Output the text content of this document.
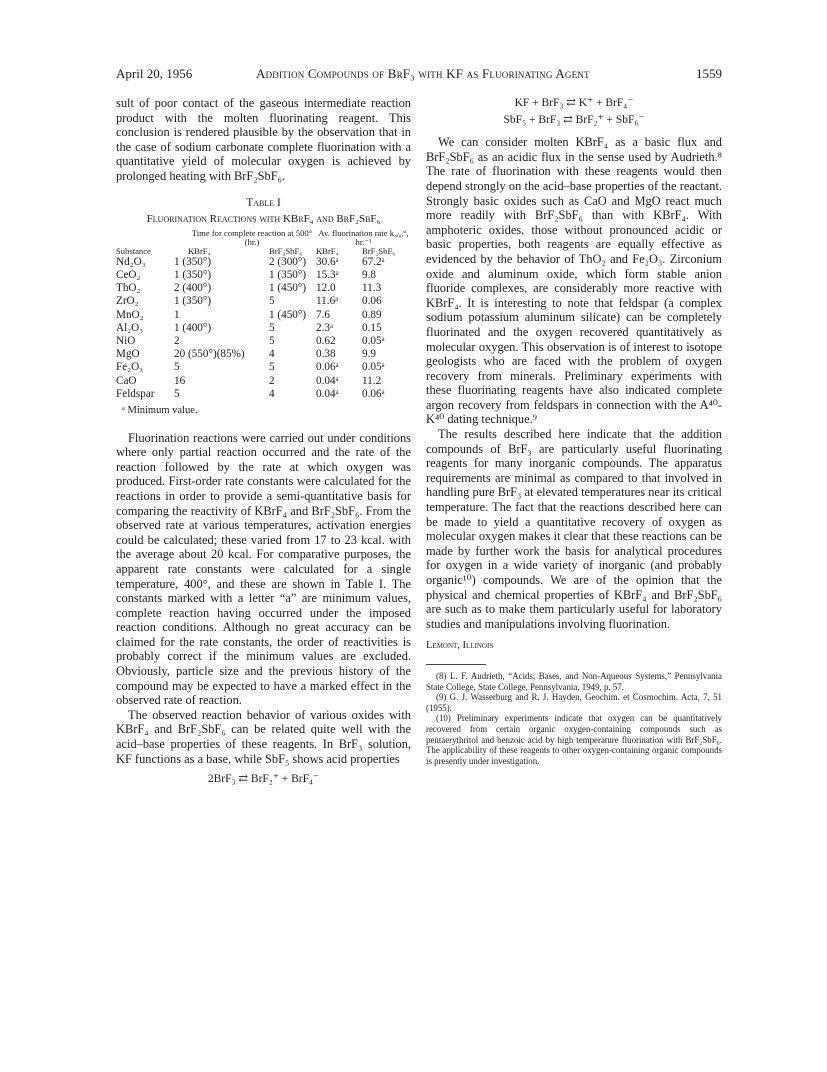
April 20, 1956	Addition Compounds of BrF₃ with KF as Fluorinating Agent	1559

sult of poor contact of the gaseous intermediate reaction product with the molten fluorinating reagent. This conclusion is rendered plausible by the observation that in the case of sodium carbonate complete fluorination with a quantitative yield of molecular oxygen is achieved by prolonged heating with BrF₂SbF₆.

Table I
Fluorination Reactions with KBrF₄ and BrF₂SbF₆
	Time for complete reaction at 500° (hr.)		Av. fluorination rate k₄₀₀°, hr.⁻¹	
Substance	KBrF₄	BrF₂SbF₆	KBrF₄	BrF₂SbF₆
Nd₂O₃	1 (350°)	2 (300°)	30.6ᵃ	67.2ᵃ
CeO₂	1 (350°)	1 (350°)	15.3ᵃ	9.8
ThO₂	2 (400°)	1 (450°)	12.0	11.3
ZrO₂	1 (350°)	5	11.6ᵃ	0.06
MnO₂	1	1 (450°)	7.6	0.89
Al₂O₃	1 (400°)	5	2.3ᵃ	0.15
NiO	2	5	0.62	0.05ᵃ
MgO	20 (550°)(85%)	4	0.38	9.9
Fe₂O₃	5	5	0.06ᵃ	0.05ᵃ
CaO	16	2	0.04ᵃ	11.2
Feldspar	5	4	0.04ᵃ	0.06ᵃ
ᵃ Minimum value.

Fluorination reactions were carried out under conditions where only partial reaction occurred and the rate of the reaction followed by the rate at which oxygen was produced. First-order rate constants were calculated for the reactions in order to provide a semi-quantitative basis for comparing the reactivity of KBrF₄ and BrF₂SbF₆. From the observed rate at various temperatures, activation energies could be calculated; these varied from 17 to 23 kcal. with the average about 20 kcal. For comparative purposes, the apparent rate constants were calculated for a single temperature, 400°, and these are shown in Table I. The constants marked with a letter “a” are minimum values, complete reaction having occurred under the imposed reaction conditions. Although no great accuracy can be claimed for the rate constants, the order of reactivities is probably correct if the minimum values are excluded. Obviously, particle size and the previous history of the compound may be expected to have a marked effect in the observed rate of reaction.

The observed reaction behavior of various oxides with KBrF₄ and BrF₂SbF₆ can be related quite well with the acid–base properties of these reagents. In BrF₃ solution, KF functions as a base, while SbF₅ shows acid properties

2BrF₃ ⇄ BrF₂⁺ + BrF₄⁻
KF + BrF₃ ⇄ K⁺ + BrF₄⁻
SbF₅ + BrF₃ ⇄ BrF₂⁺ + SbF₆⁻

We can consider molten KBrF₄ as a basic flux and BrF₂SbF₆ as an acidic flux in the sense used by Audrieth.⁸ The rate of fluorination with these reagents would then depend strongly on the acid–base properties of the reactant. Strongly basic oxides such as CaO and MgO react much more readily with BrF₂SbF₆ than with KBrF₄. With amphoteric oxides, those without pronounced acidic or basic properties, both reagents are equally effective as evidenced by the behavior of ThO₂ and Fe₂O₃. Zirconium oxide and aluminum oxide, which form stable anion fluoride complexes, are considerably more reactive with KBrF₄. It is interesting to note that feldspar (a complex sodium potassium aluminum silicate) can be completely fluorinated and the oxygen recovered quantitatively as molecular oxygen. This observation is of interest to isotope geologists who are faced with the problem of oxygen recovery from minerals. Preliminary experiments with these fluorinating reagents have also indicated complete argon recovery from feldspars in connection with the A⁴⁰-K⁴⁰ dating technique.⁹

The results described here indicate that the addition compounds of BrF₃ are particularly useful fluorinating reagents for many inorganic compounds. The apparatus requirements are minimal as compared to that involved in handling pure BrF₃ at elevated temperatures near its critical temperature. The fact that the reactions described here can be made to yield a quantitative recovery of oxygen as molecular oxygen makes it clear that these reactions can be made by further work the basis for analytical procedures for oxygen in a wide variety of inorganic (and probably organic¹⁰) compounds. We are of the opinion that the physical and chemical properties of KBrF₄ and BrF₂SbF₆ are such as to make them particularly useful for laboratory studies and manipulations involving fluorination.

Lemont, Illinois

(8) L. F. Audrieth, “Acids, Bases, and Non-Aqueous Systems,” Pennsylvania State College, State College, Pennsylvania, 1949, p. 57.

(9) G. J. Wasserburg and R. J. Hayden, Geochim. et Cosmochim. Acta, 7, 51 (1955).

(10) Preliminary experiments indicate that oxygen can be quantitatively recovered from certain organic oxygen-containing compounds such as pentaerythritol and benzoic acid by high temperature fluorination with BrF₂SbF₆. The applicability of these reagents to other oxygen-containing organic compounds is presently under investigation.
